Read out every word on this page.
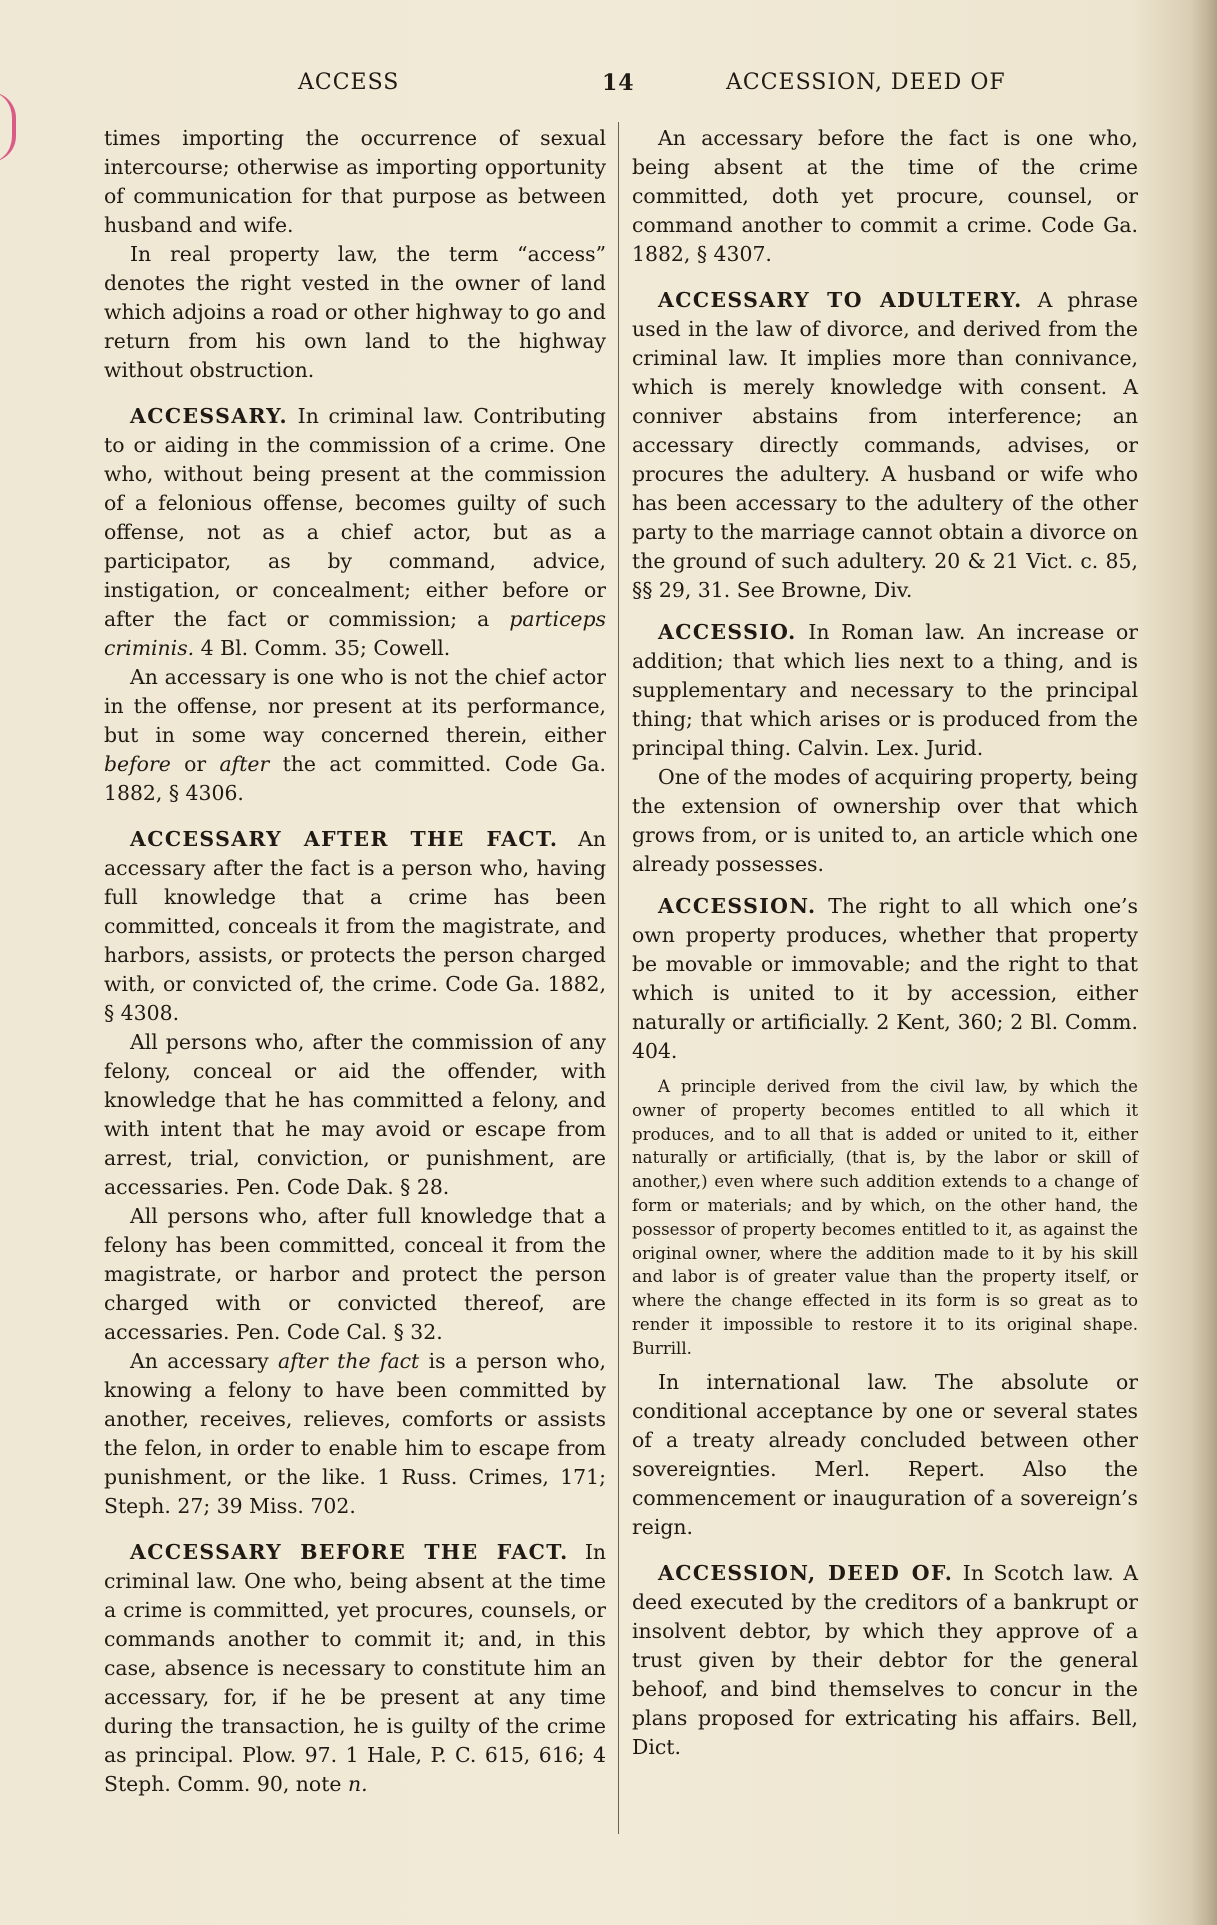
ACCESS	14	ACCESSION, DEED OF

times importing the occurrence of sexual intercourse; otherwise as importing opportunity of communication for that purpose as between husband and wife.

In real property law, the term “access” denotes the right vested in the owner of land which adjoins a road or other highway to go and return from his own land to the highway without obstruction.

ACCESSARY. In criminal law. Contributing to or aiding in the commission of a crime. One who, without being present at the commission of a felonious offense, becomes guilty of such offense, not as a chief actor, but as a participator, as by command, advice, instigation, or concealment; either before or after the fact or commission; a particeps criminis. 4 Bl. Comm. 35; Cowell.

An accessary is one who is not the chief actor in the offense, nor present at its performance, but in some way concerned therein, either before or after the act committed. Code Ga. 1882, § 4306.

ACCESSARY AFTER THE FACT. An accessary after the fact is a person who, having full knowledge that a crime has been committed, conceals it from the magistrate, and harbors, assists, or protects the person charged with, or convicted of, the crime. Code Ga. 1882, § 4308.

All persons who, after the commission of any felony, conceal or aid the offender, with knowledge that he has committed a felony, and with intent that he may avoid or escape from arrest, trial, conviction, or punishment, are accessaries. Pen. Code Dak. § 28.

All persons who, after full knowledge that a felony has been committed, conceal it from the magistrate, or harbor and protect the person charged with or convicted thereof, are accessaries. Pen. Code Cal. § 32.

An accessary after the fact is a person who, knowing a felony to have been committed by another, receives, relieves, comforts or assists the felon, in order to enable him to escape from punishment, or the like. 1 Russ. Crimes, 171; Steph. 27; 39 Miss. 702.

ACCESSARY BEFORE THE FACT. In criminal law. One who, being absent at the time a crime is committed, yet procures, counsels, or commands another to commit it; and, in this case, absence is necessary to constitute him an accessary, for, if he be present at any time during the transaction, he is guilty of the crime as principal. Plow. 97. 1 Hale, P. C. 615, 616; 4 Steph. Comm. 90, note n.

An accessary before the fact is one who, being absent at the time of the crime committed, doth yet procure, counsel, or command another to commit a crime. Code Ga. 1882, § 4307.

ACCESSARY TO ADULTERY. A phrase used in the law of divorce, and derived from the criminal law. It implies more than connivance, which is merely knowledge with consent. A conniver abstains from interference; an accessary directly commands, advises, or procures the adultery. A husband or wife who has been accessary to the adultery of the other party to the marriage cannot obtain a divorce on the ground of such adultery. 20 & 21 Vict. c. 85, §§ 29, 31. See Browne, Div.

ACCESSIO. In Roman law. An increase or addition; that which lies next to a thing, and is supplementary and necessary to the principal thing; that which arises or is produced from the principal thing. Calvin. Lex. Jurid.

One of the modes of acquiring property, being the extension of ownership over that which grows from, or is united to, an article which one already possesses.

ACCESSION. The right to all which one’s own property produces, whether that property be movable or immovable; and the right to that which is united to it by accession, either naturally or artificially. 2 Kent, 360; 2 Bl. Comm. 404.

A principle derived from the civil law, by which the owner of property becomes entitled to all which it produces, and to all that is added or united to it, either naturally or artificially, (that is, by the labor or skill of another,) even where such addition extends to a change of form or materials; and by which, on the other hand, the possessor of property becomes entitled to it, as against the original owner, where the addition made to it by his skill and labor is of greater value than the property itself, or where the change effected in its form is so great as to render it impossible to restore it to its original shape. Burrill.

In international law. The absolute or conditional acceptance by one or several states of a treaty already concluded between other sovereignties. Merl. Repert. Also the commencement or inauguration of a sovereign’s reign.

ACCESSION, DEED OF. In Scotch law. A deed executed by the creditors of a bankrupt or insolvent debtor, by which they approve of a trust given by their debtor for the general behoof, and bind themselves to concur in the plans proposed for extricating his affairs. Bell, Dict.
